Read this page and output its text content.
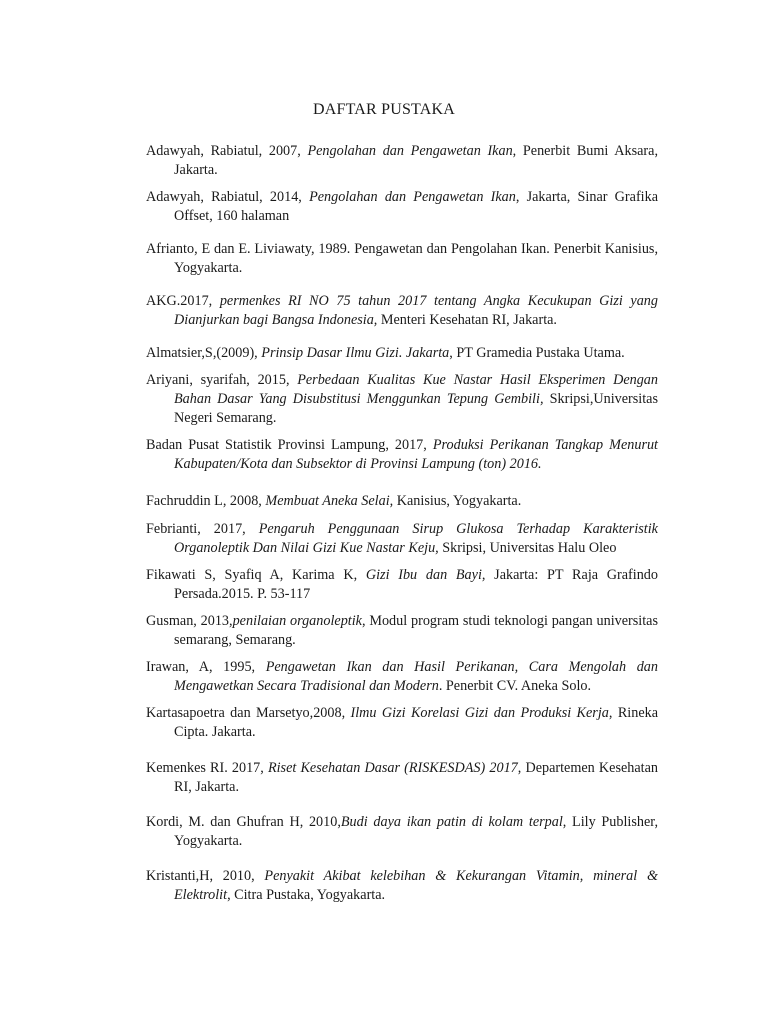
DAFTAR PUSTAKA
Adawyah, Rabiatul, 2007, Pengolahan dan Pengawetan Ikan, Penerbit Bumi Aksara, Jakarta.
Adawyah, Rabiatul, 2014, Pengolahan dan Pengawetan Ikan, Jakarta, Sinar Grafika Offset, 160 halaman
Afrianto, E dan E. Liviawaty, 1989. Pengawetan dan Pengolahan Ikan. Penerbit Kanisius, Yogyakarta.
AKG.2017, permenkes RI NO 75 tahun 2017 tentang Angka Kecukupan Gizi yang Dianjurkan bagi Bangsa Indonesia, Menteri Kesehatan RI, Jakarta.
Almatsier,S,(2009), Prinsip Dasar Ilmu Gizi. Jakarta, PT Gramedia Pustaka Utama.
Ariyani, syarifah, 2015, Perbedaan Kualitas Kue Nastar Hasil Eksperimen Dengan Bahan Dasar Yang Disubstitusi Menggunkan Tepung Gembili, Skripsi,Universitas Negeri Semarang.
Badan Pusat Statistik Provinsi Lampung, 2017, Produksi Perikanan Tangkap Menurut Kabupaten/Kota dan Subsektor di Provinsi Lampung (ton) 2016.
Fachruddin L, 2008, Membuat Aneka Selai, Kanisius, Yogyakarta.
Febrianti, 2017, Pengaruh Penggunaan Sirup Glukosa Terhadap Karakteristik Organoleptik Dan Nilai Gizi Kue Nastar Keju, Skripsi, Universitas Halu Oleo
Fikawati S, Syafiq A, Karima K, Gizi Ibu dan Bayi, Jakarta: PT Raja Grafindo Persada.2015. P. 53-117
Gusman, 2013,penilaian organoleptik, Modul program studi teknologi pangan universitas semarang, Semarang.
Irawan, A, 1995, Pengawetan Ikan dan Hasil Perikanan, Cara Mengolah dan Mengawetkan Secara Tradisional dan Modern. Penerbit CV. Aneka Solo.
Kartasapoetra dan Marsetyo,2008, Ilmu Gizi Korelasi Gizi dan Produksi Kerja, Rineka Cipta. Jakarta.
Kemenkes RI. 2017, Riset Kesehatan Dasar (RISKESDAS) 2017, Departemen Kesehatan RI, Jakarta.
Kordi, M. dan Ghufran H, 2010,Budi daya ikan patin di kolam terpal, Lily Publisher, Yogyakarta.
Kristanti,H, 2010, Penyakit Akibat kelebihan & Kekurangan Vitamin, mineral & Elektrolit, Citra Pustaka, Yogyakarta.
